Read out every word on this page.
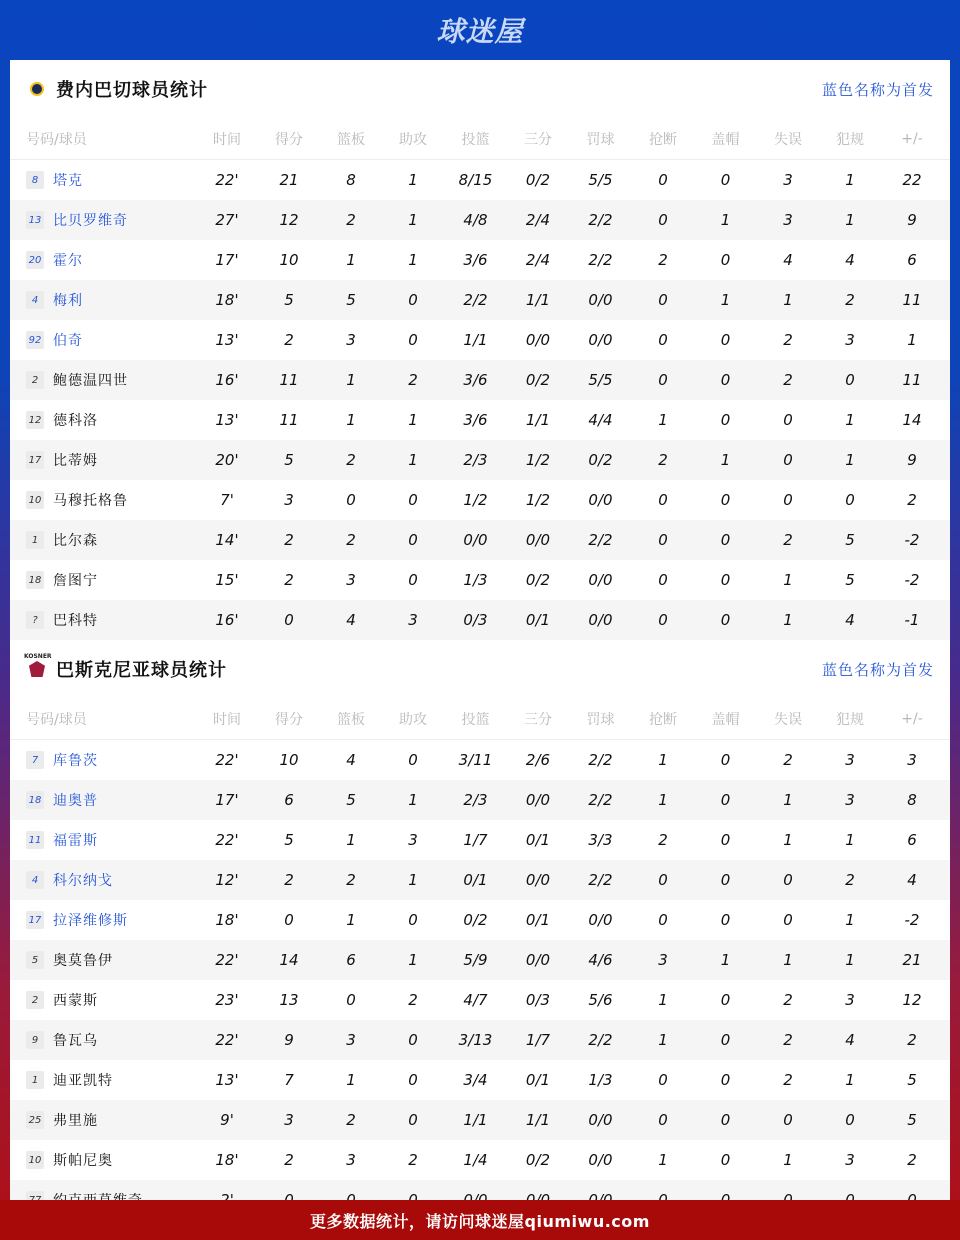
球迷屋
费内巴切球员统计	蓝色名称为首发
号码/球员	时间	得分	篮板	助攻	投篮	三分	罚球	抢断	盖帽	失误	犯规	+/-
8	塔克	22'	21	8	1	8/15	0/2	5/5	0	0	3	1	22
13 比贝罗维奇	27'	12	2	1	4/8	2/4	2/2	0	1	3	1	9
20 霍尔	17'	10	1	1	3/6	2/4	2/2	2	0	4	4	6
4	梅利	18'	5	5	0	2/2	1/1	0/0	0	1	1	2	11
92 伯奇	13'	2	3	0	1/1	0/0	0/0	0	0	2	3	1
2	鲍德温四世	16'	11	1	2	3/6	0/2	5/5	0	0	2	0	11
12 德科洛	13'	11	1	1	3/6	1/1	4/4	1	0	0	1	14
17 比蒂姆	20'	5	2	1	2/3	1/2	0/2	2	1	0	1	9
10 马穆托格鲁	7'	3	0	0	1/2	1/2	0/0	0	0	0	0	2
1	比尔森	14'	2	2	0	0/0	0/0	2/2	0	0	2	5	-2
18 詹图宁	15'	2	3	0	1/3	0/2	0/0	0	0	1	5	-2
?	巴科特	16'	0	4	3	0/3	0/1	0/0	0	0	1	4	-1
KOSNER
巴斯克尼亚球员统计	蓝色名称为首发
号码/球员	时间	得分	篮板	助攻	投篮	三分	罚球	抢断	盖帽	失误	犯规	+/-
7	库鲁茨	22'	10	4	0	3/11	2/6	2/2	1	0	2	3	3
18 迪奥普	17'	6	5	1	2/3	0/0	2/2	1	0	1	3	8
11 福雷斯	22'	5	1	3	1/7	0/1	3/3	2	0	1	1	6
4	科尔纳戈	12'	2	2	1	0/1	0/0	2/2	0	0	0	2	4
17 拉泽维修斯	18'	0	1	0	0/2	0/1	0/0	0	0	0	1	-2
5	奥莫鲁伊	22'	14	6	1	5/9	0/0	4/6	3	1	1	1	21
2	西蒙斯	23'	13	0	2	4/7	0/3	5/6	1	0	2	3	12
9	鲁瓦乌	22'	9	3	0	3/13	1/7	2/2	1	0	2	4	2
1	迪亚凯特	13'	7	1	0	3/4	0/1	1/3	0	0	2	1	5
25 弗里施	9'	3	2	0	1/1	1/1	0/0	0	0	0	0	5
10 斯帕尼奥	18'	2	3	2	1/4	0/2	0/0	1	0	1	3	2
更多数据统计，请访问球迷屋qiumiwu.com
